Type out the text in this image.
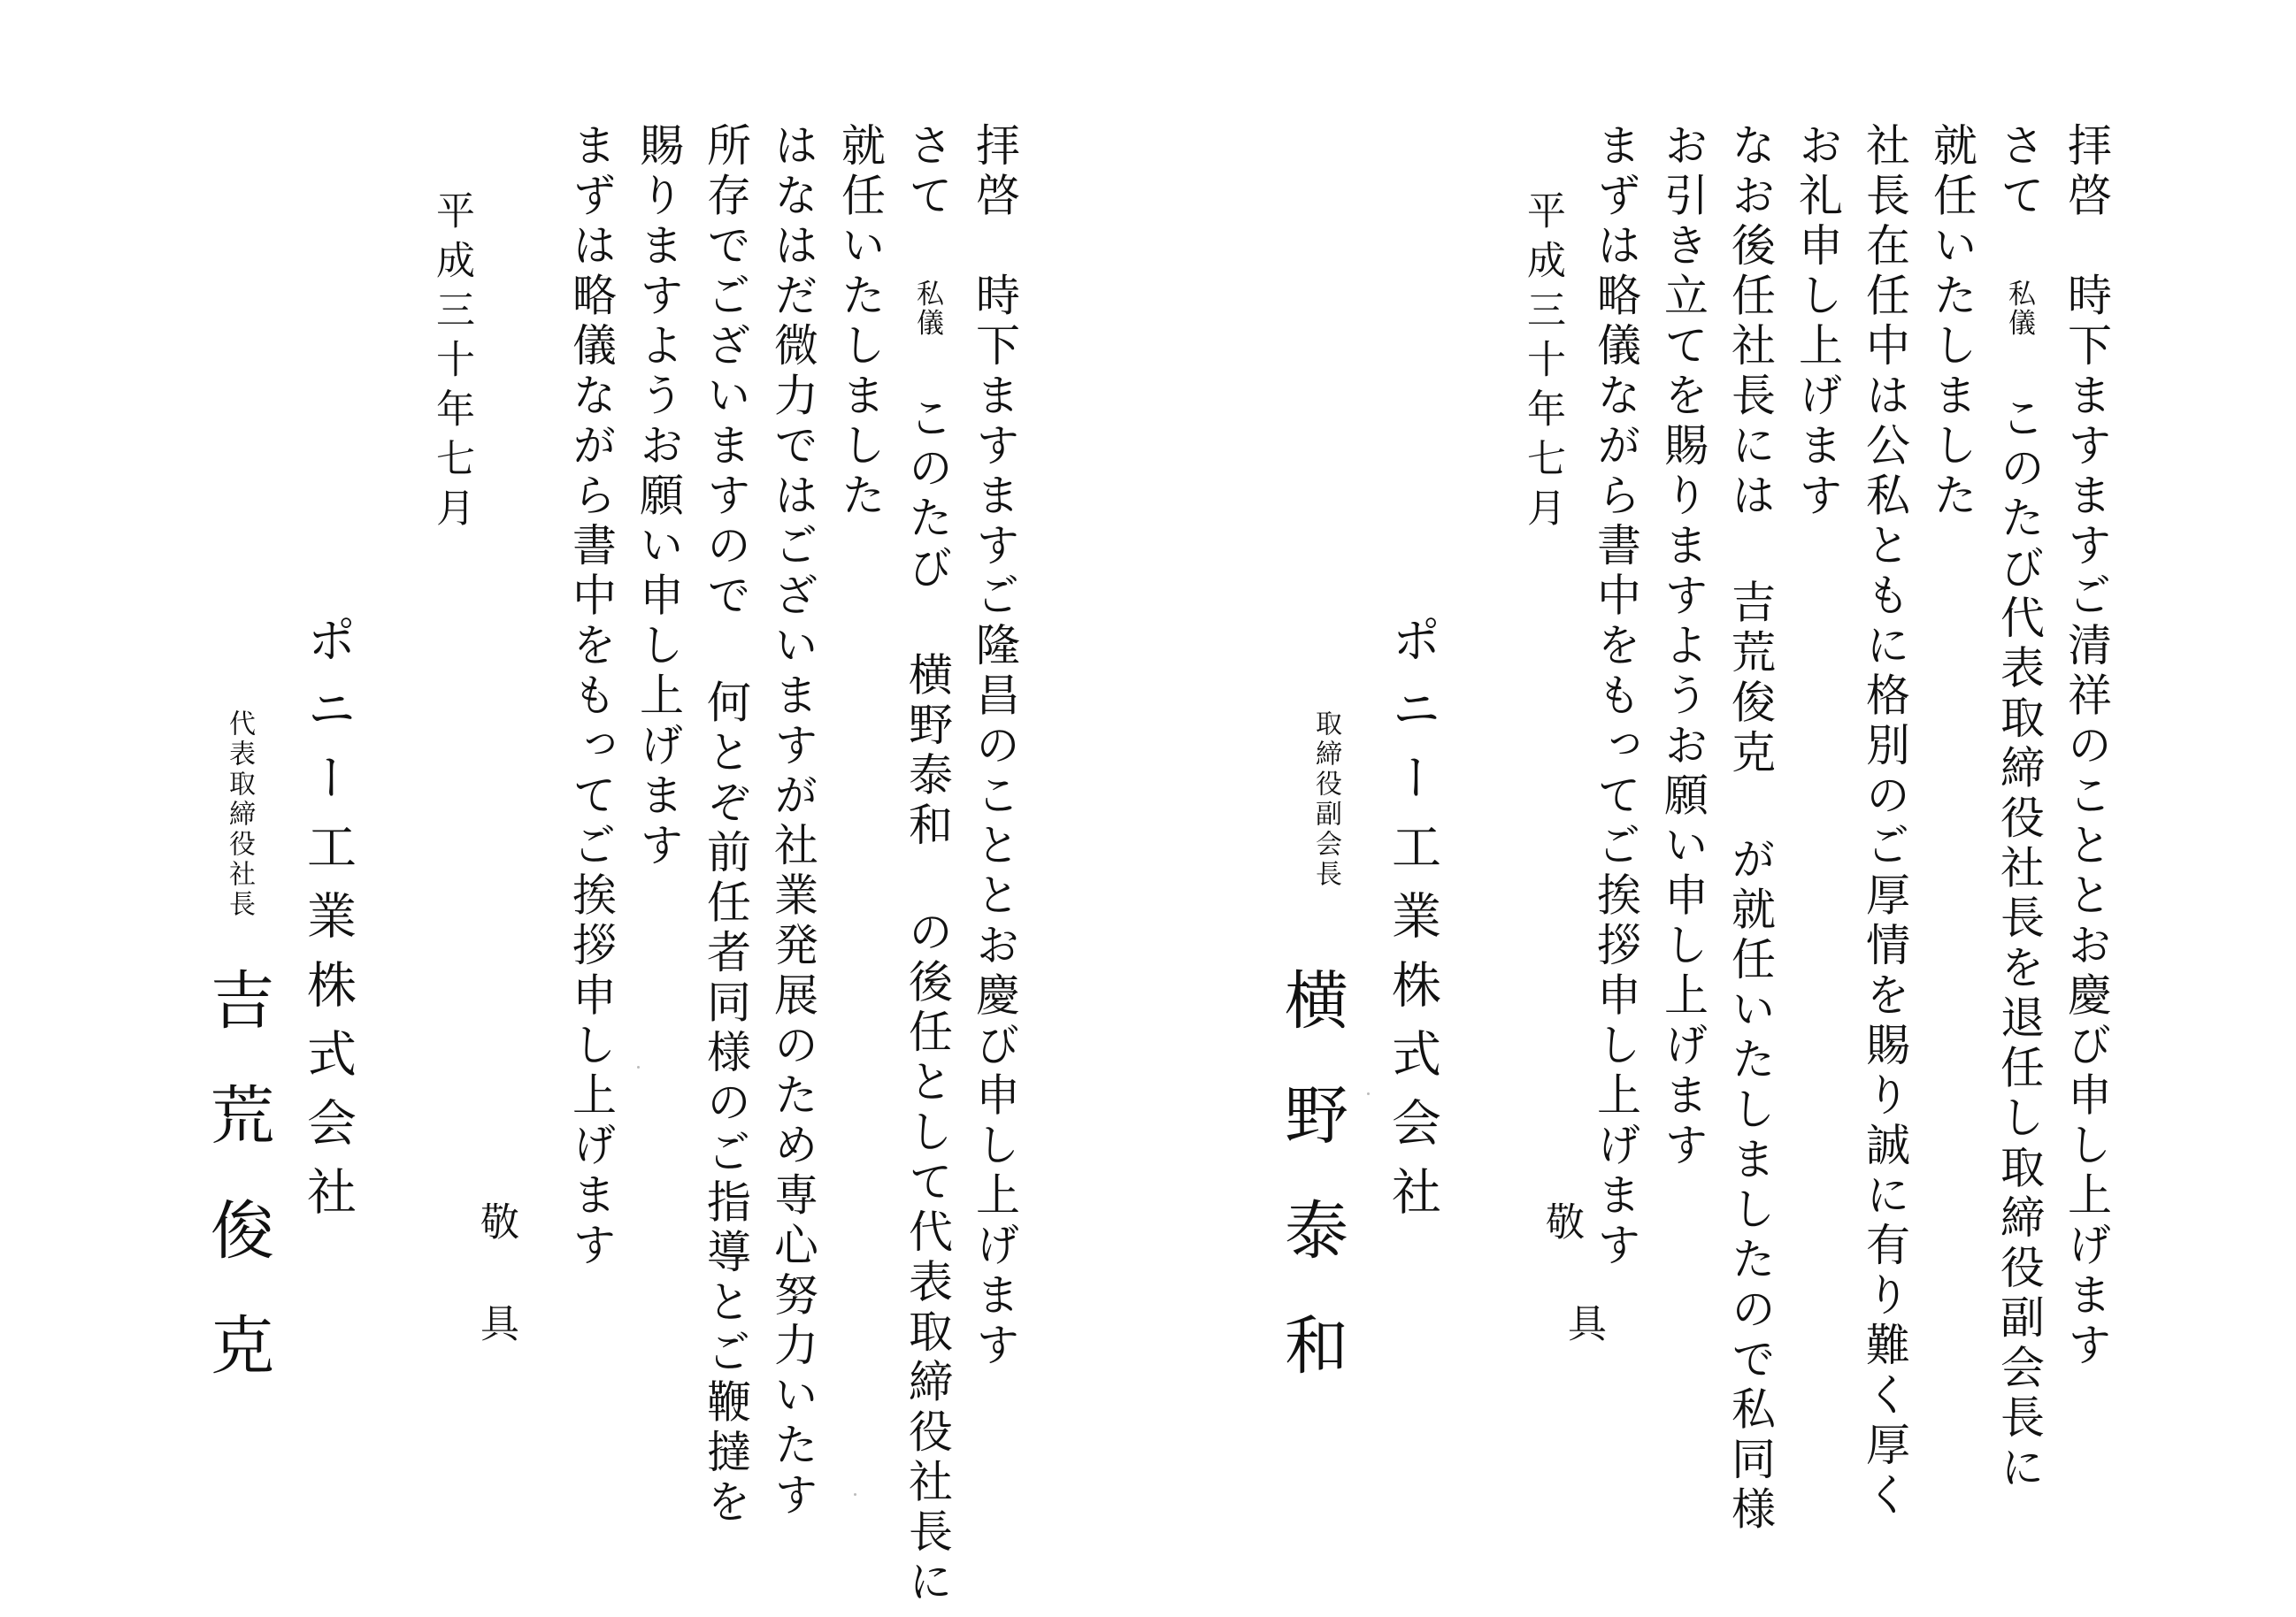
拝啓　時下ますますご清祥のこととお慶び申し上げます
さて 私儀 このたび代表取締役社長を退任し取締役副会長に
就任いたしました
社長在任中は公私ともに格別のご厚情を賜り誠に有り難く厚く
お礼申し上げます
なお後任社長には 吉荒俊克 が就任いたしましたので私同様
お引き立てを賜りますようお願い申し上げます
まずは略儀ながら書中をもってご挨拶申し上げます
敬
具
平成三十年七月
ポニー工業株式会社
取締役副会長
横野泰和
拝啓　時下ますますご隆昌のこととお慶び申し上げます
さて 私儀 このたび 横野泰和 の後任として代表取締役社長に
就任いたしました
はなはだ微力ではございますが社業発展のため専心努力いたす
所存でございますので 何とぞ前任者同様のご指導とご鞭撻を
賜りますようお願い申し上げます
まずは略儀ながら書中をもってご挨拶申し上げます
敬
具
平成三十年七月
ポニー工業株式会社
代表取締役社長
吉荒俊克
